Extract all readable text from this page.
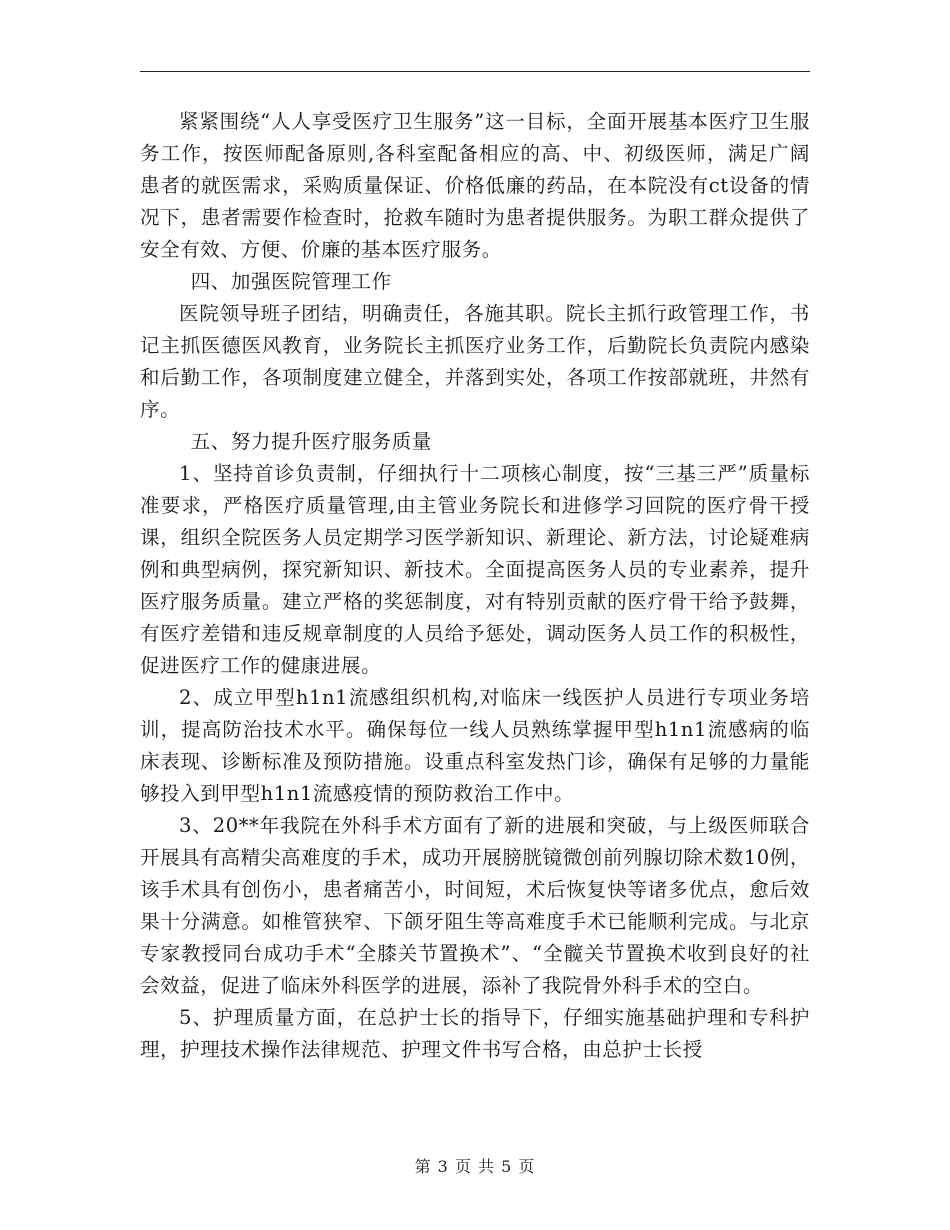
紧紧围绕“人人享受医疗卫生服务”这一目标，全面开展基本医疗卫生服务工作，按医师配备原则,各科室配备相应的高、中、初级医师，满足广阔患者的就医需求，采购质量保证、价格低廉的药品，在本院没有ct设备的情况下，患者需要作检查时，抢救车随时为患者提供服务。为职工群众提供了安全有效、方便、价廉的基本医疗服务。

四、加强医院管理工作

医院领导班子团结，明确责任，各施其职。院长主抓行政管理工作，书记主抓医德医风教育，业务院长主抓医疗业务工作，后勤院长负责院内感染和后勤工作，各项制度建立健全，并落到实处，各项工作按部就班，井然有序。

五、努力提升医疗服务质量

1、坚持首诊负责制，仔细执行十二项核心制度，按“三基三严”质量标准要求，严格医疗质量管理,由主管业务院长和进修学习回院的医疗骨干授课，组织全院医务人员定期学习医学新知识、新理论、新方法，讨论疑难病例和典型病例，探究新知识、新技术。全面提高医务人员的专业素养，提升医疗服务质量。建立严格的奖惩制度，对有特别贡献的医疗骨干给予鼓舞，有医疗差错和违反规章制度的人员给予惩处，调动医务人员工作的积极性，促进医疗工作的健康进展。

2、成立甲型h1n1流感组织机构,对临床一线医护人员进行专项业务培训，提高防治技术水平。确保每位一线人员熟练掌握甲型h1n1流感病的临床表现、诊断标准及预防措施。设重点科室发热门诊，确保有足够的力量能够投入到甲型h1n1流感疫情的预防救治工作中。

3、20**年我院在外科手术方面有了新的进展和突破，与上级医师联合开展具有高精尖高难度的手术，成功开展膀胱镜微创前列腺切除术数10例，该手术具有创伤小，患者痛苦小，时间短，术后恢复快等诸多优点，愈后效果十分满意。如椎管狭窄、下颌牙阻生等高难度手术已能顺利完成。与北京专家教授同台成功手术“全膝关节置换术”、“全髋关节置换术收到良好的社会效益，促进了临床外科医学的进展，添补了我院骨外科手术的空白。

5、护理质量方面，在总护士长的指导下，仔细实施基础护理和专科护理，护理技术操作法律规范、护理文件书写合格，由总护士长授

第 3 页 共 5 页
